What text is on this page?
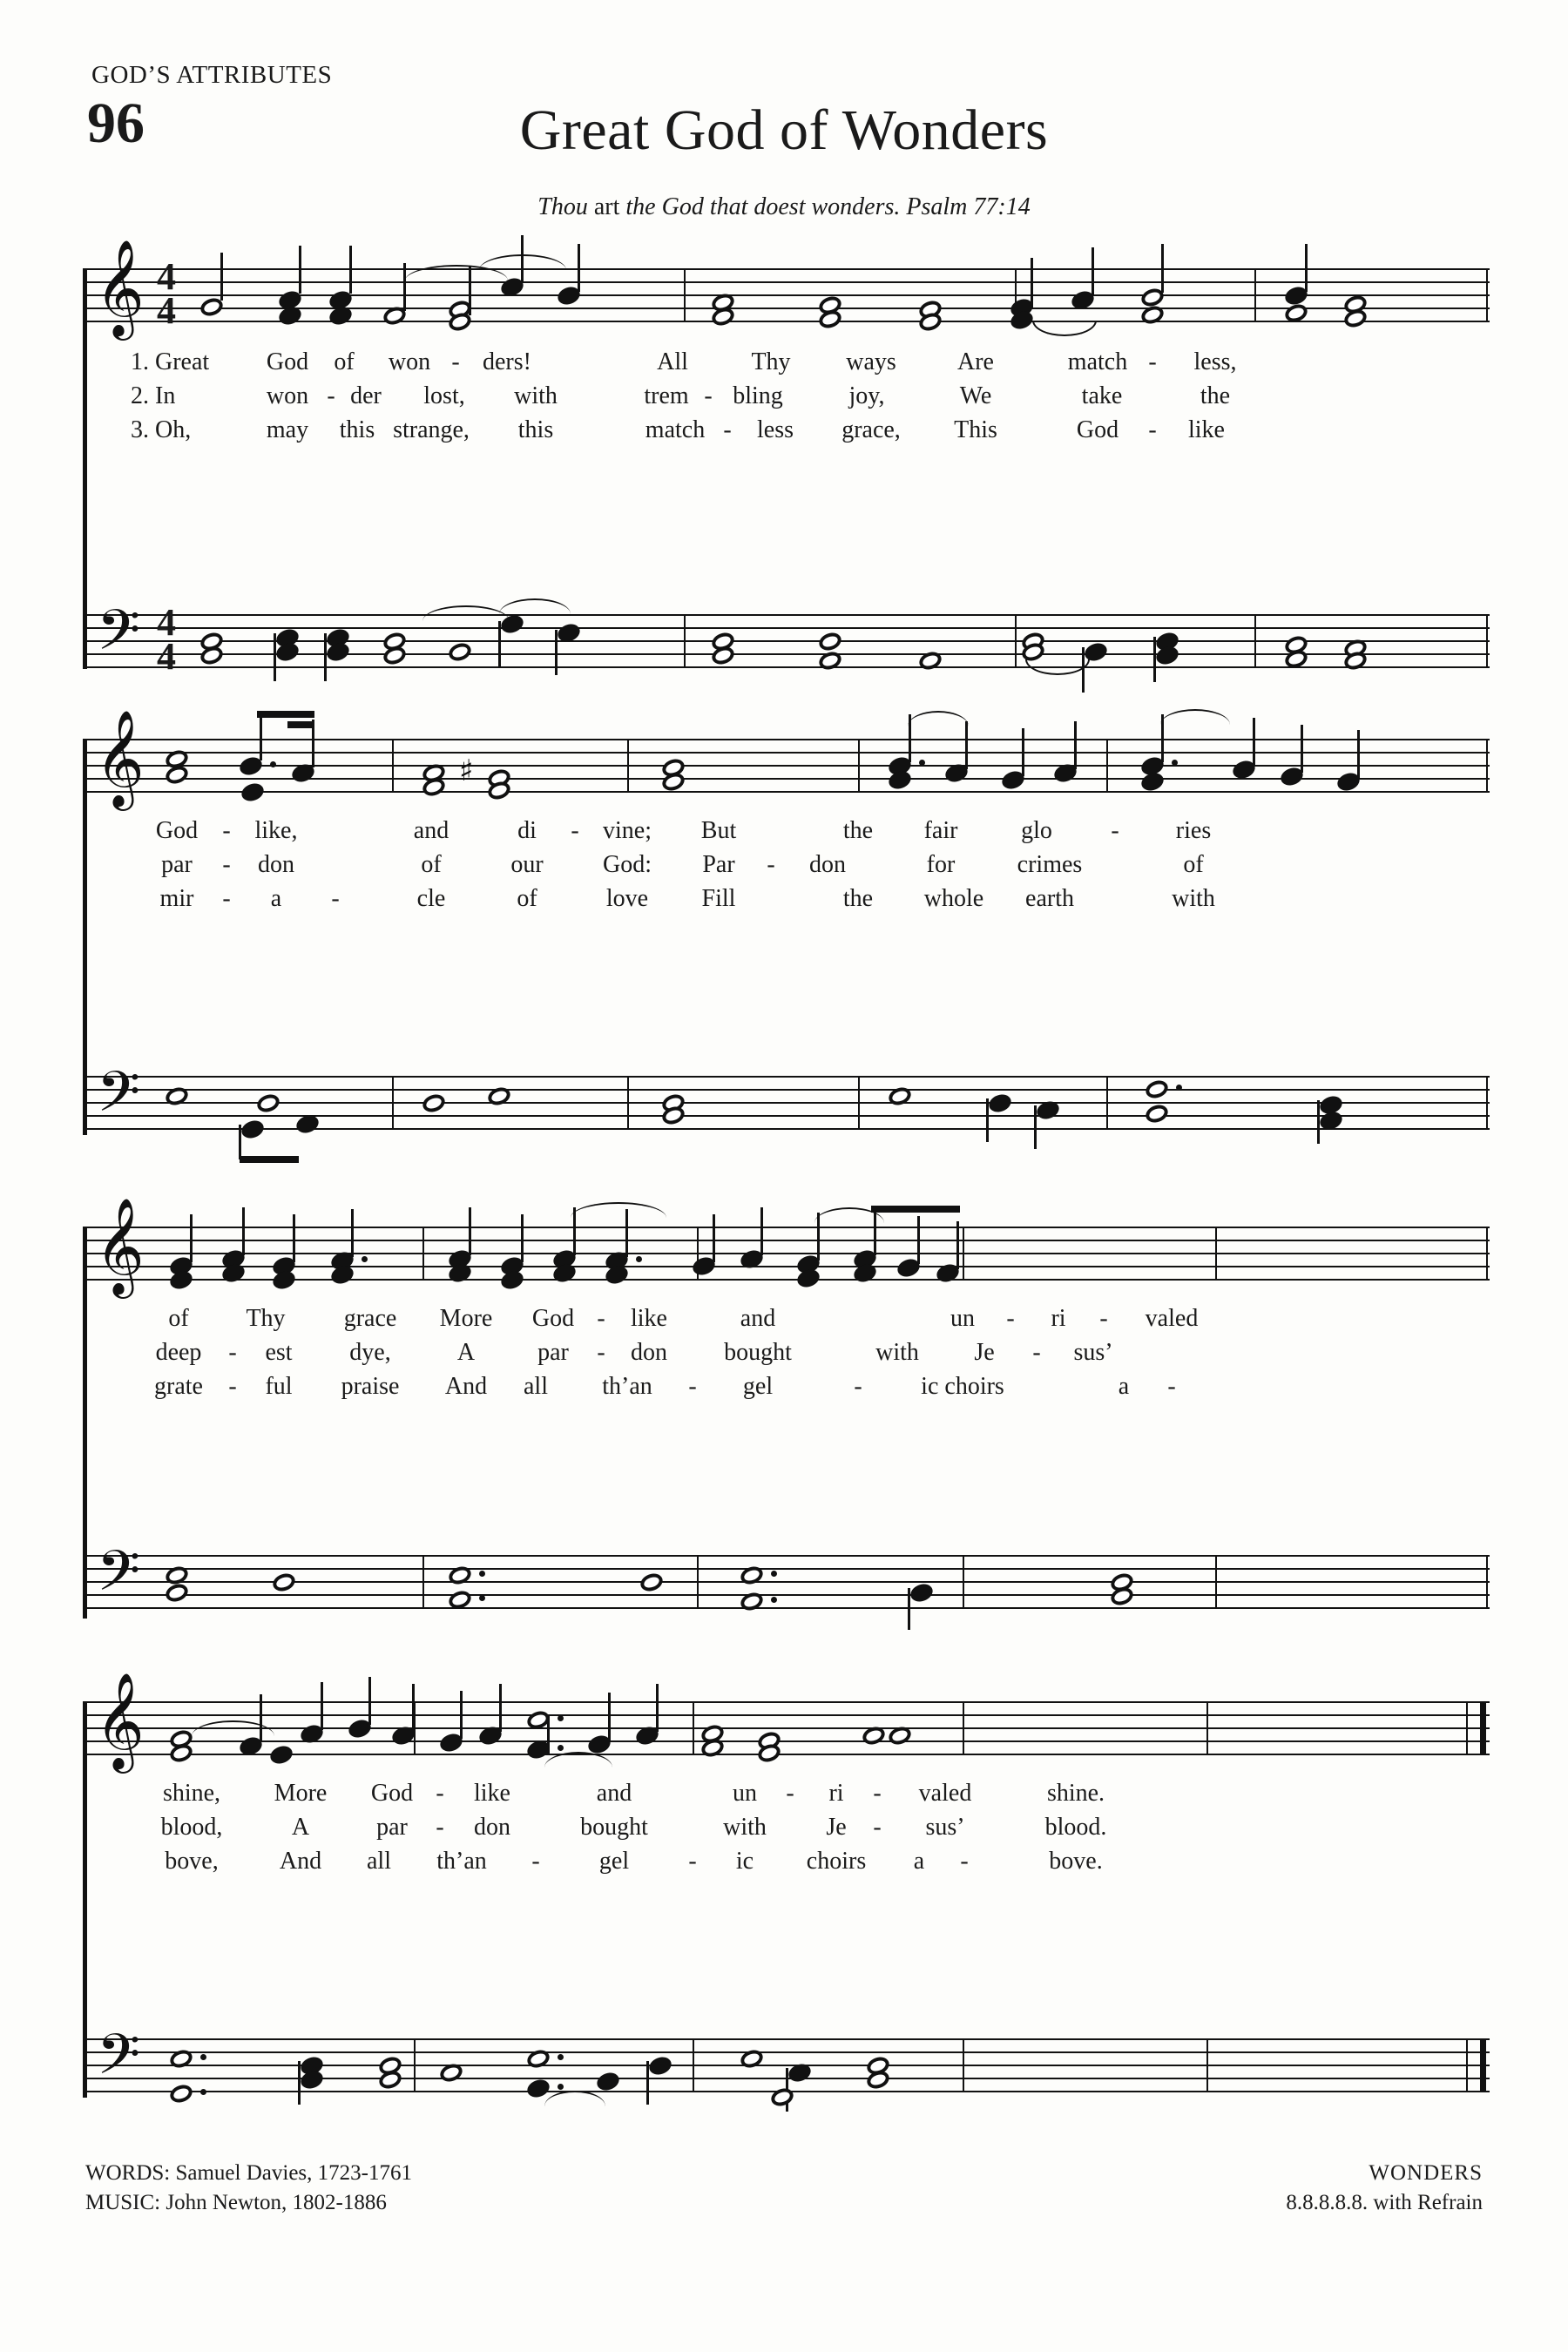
GOD’S ATTRIBUTES
96	Great God of Wonders
Thou art the God that doest wonders. Psalm 77:14
𝄞 4
4
1. Great God of won - ders!	All	Thy ways	Are	match - less,
2. In	won - der lost, with	trem - bling	joy,	We	take	the
3. Oh,	may this strange, this	match - less grace, This	God - like
𝄢 4
4
𝄞	♯
God - like,	and	di - vine; But	the fair	glo - ries
par - don	of	our God: Par - don	for	crimes	of
mir - a -	cle	of	love Fill	the whole earth	with
𝄢
𝄞
of Thy grace More God - like	and	un - ri - valed
deep - est dye,	A	par - don bought	with Je - sus’
grate - ful praise And all th’an - gel	- ic choirs	a -
𝄢
𝄞
shine, More God - like	and	un - ri - valed	shine.
blood,	A	par - don	bought	with Je - sus’	blood.
bove,	And all th’an - gel - ic choirs a -	bove.
𝄢
WORDS: Samuel Davies, 1723-1761
MUSIC: John Newton, 1802-1886
WONDERS
8.8.8.8.8. with Refrain
